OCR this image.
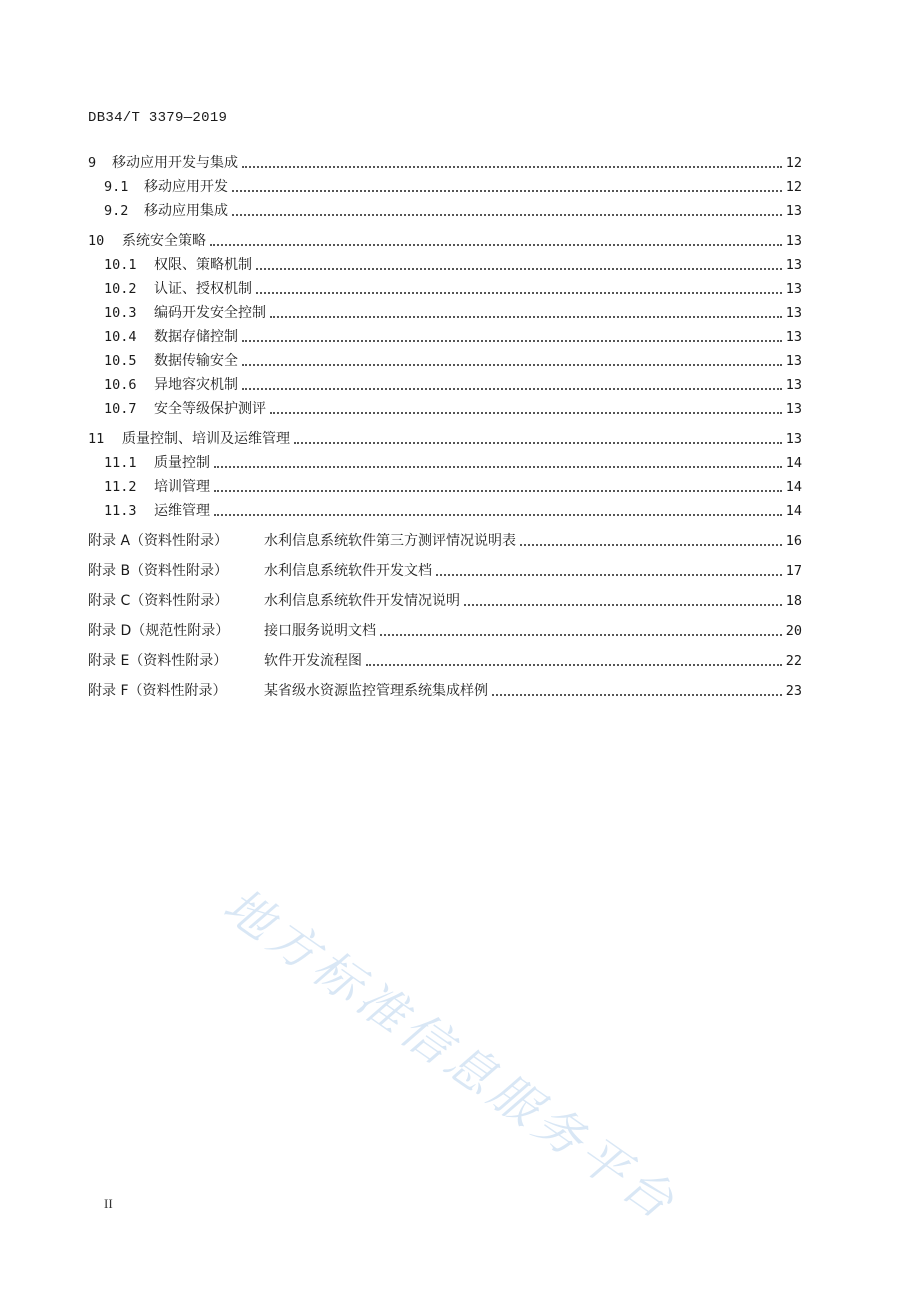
DB34/T 3379—2019
9	移动应用开发与集成	12
9.1	移动应用开发	12
9.2	移动应用集成	13
10	系统安全策略	13
10.1	权限、策略机制	13
10.2	认证、授权机制	13
10.3	编码开发安全控制	13
10.4	数据存储控制	13
10.5	数据传输安全	13
10.6	异地容灾机制	13
10.7	安全等级保护测评	13
11	质量控制、培训及运维管理	13
11.1	质量控制	14
11.2	培训管理	14
11.3	运维管理	14
附录 A（资料性附录）	水利信息系统软件第三方测评情况说明表	16
附录 B（资料性附录）	水利信息系统软件开发文档	17
附录 C（资料性附录）	水利信息系统软件开发情况说明	18
附录 D（规范性附录）	接口服务说明文档	20
附录 E（资料性附录）	软件开发流程图	22
附录 F（资料性附录）	某省级水资源监控管理系统集成样例	23
地方标准信息服务平台
II
